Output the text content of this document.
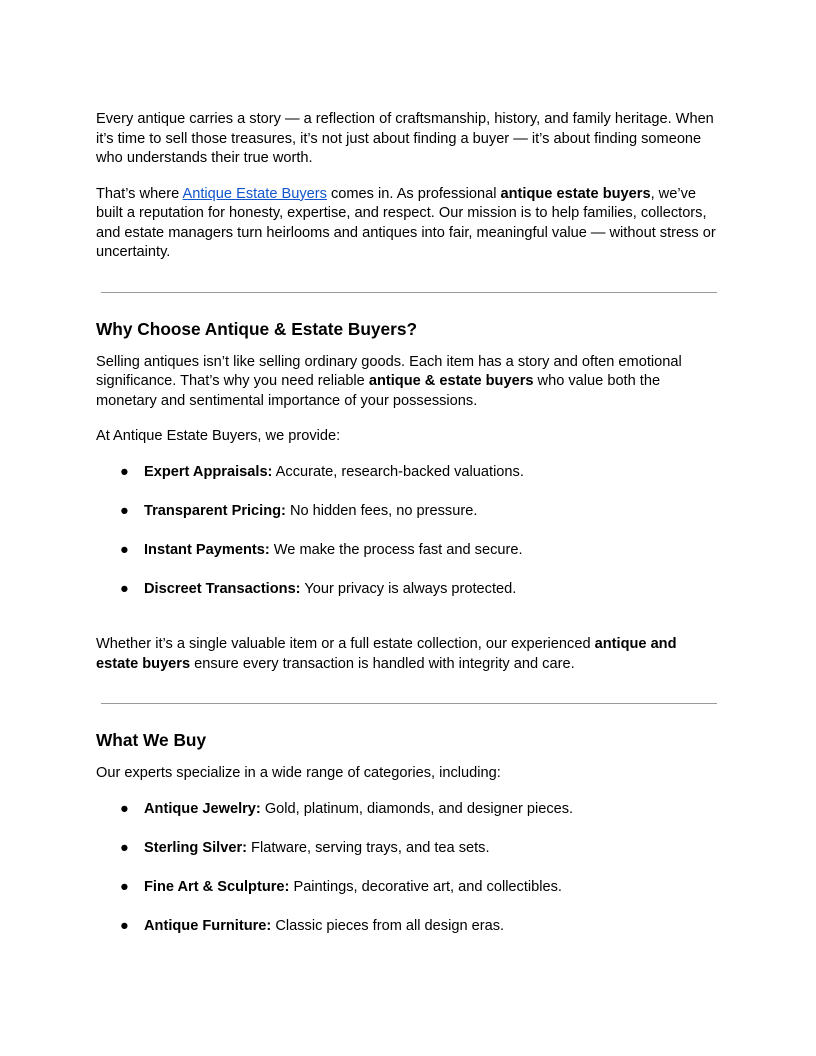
Every antique carries a story — a reflection of craftsmanship, history, and family heritage. When it’s time to sell those treasures, it’s not just about finding a buyer — it’s about finding someone who understands their true worth.

That’s where Antique Estate Buyers comes in. As professional antique estate buyers, we’ve built a reputation for honesty, expertise, and respect. Our mission is to help families, collectors, and estate managers turn heirlooms and antiques into fair, meaningful value — without stress or uncertainty.

Why Choose Antique & Estate Buyers?

Selling antiques isn’t like selling ordinary goods. Each item has a story and often emotional significance. That’s why you need reliable antique & estate buyers who value both the monetary and sentimental importance of your possessions.

At Antique Estate Buyers, we provide:

● Expert Appraisals: Accurate, research-backed valuations.
● Transparent Pricing: No hidden fees, no pressure.
● Instant Payments: We make the process fast and secure.
● Discreet Transactions: Your privacy is always protected.

Whether it’s a single valuable item or a full estate collection, our experienced antique and estate buyers ensure every transaction is handled with integrity and care.

What We Buy

Our experts specialize in a wide range of categories, including:

● Antique Jewelry: Gold, platinum, diamonds, and designer pieces.
● Sterling Silver: Flatware, serving trays, and tea sets.
● Fine Art & Sculpture: Paintings, decorative art, and collectibles.
● Antique Furniture: Classic pieces from all design eras.
